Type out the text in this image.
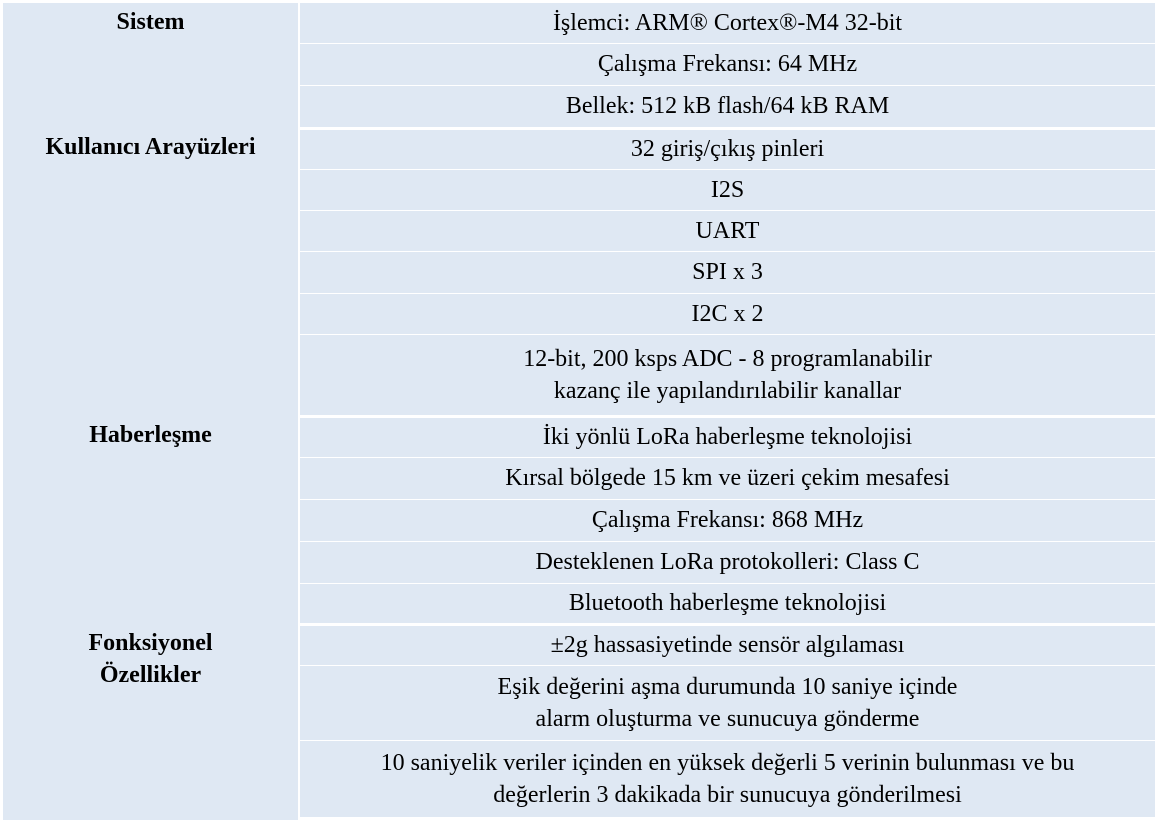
Sistem	İşlemci: ARM® Cortex®-M4 32-bit

	Çalışma Frekansı: 64 MHz

	Bellek: 512 kB flash/64 kB RAM

Kullanıcı Arayüzleri	32 giriş/çıkış pinleri

	I2S

	UART

	SPI x 3

	I2C x 2

	12-bit, 200 ksps ADC - 8 programlanabilir
kazanç ile yapılandırılabilir kanallar

Haberleşme	İki yönlü LoRa haberleşme teknolojisi

	Kırsal bölgede 15 km ve üzeri çekim mesafesi

	Çalışma Frekansı: 868 MHz

	Desteklenen LoRa protokolleri: Class C

	Bluetooth haberleşme teknolojisi

Fonksiyonel
Özellikler	±2g hassasiyetinde sensör algılaması

	Eşik değerini aşma durumunda 10 saniye içinde
alarm oluşturma ve sunucuya gönderme

	10 saniyelik veriler içinden en yüksek değerli 5 verinin bulunması ve bu
değerlerin 3 dakikada bir sunucuya gönderilmesi
